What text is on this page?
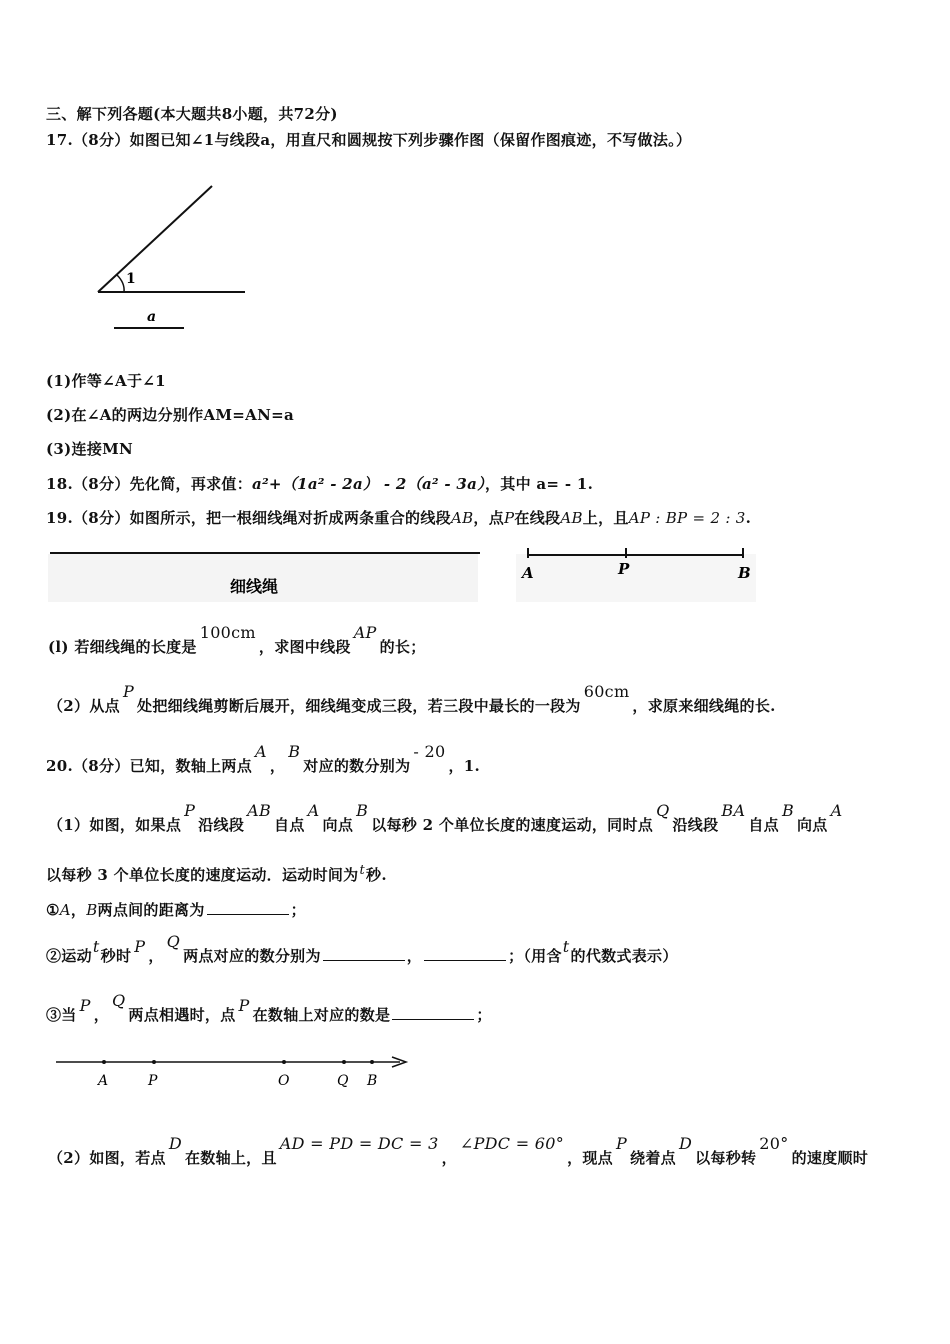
三、解下列各题(本大题共8小题，共72分)
17.（8分）如图已知∠1与线段a，用直尺和圆规按下列步骤作图（保留作图痕迹，不写做法。）
1
a
(1)作等∠A于∠1
(2)在∠A的两边分别作AM=AN=a
(3)连接MN
18.（8分）先化简，再求值：a²+（1a² - 2a） - 2（a² - 3a），其中 a= - 1.
19.（8分）如图所示，把一根细线绳对折成两条重合的线段AB，点P在线段AB上，且AP : BP = 2 : 3.
细线绳
A	P	B
(l) 若细线绳的长度是100cm，求图中线段AP的长；
（2）从点P处把细线绳剪断后展开，细线绳变成三段，若三段中最长的一段为60cm，求原来细线绳的长.
20.（8分）已知，数轴上两点A，B对应的数分别为- 20，1.
（1）如图，如果点P沿线段AB自点A向点B以每秒 2 个单位长度的速度运动，同时点Q沿线段BA自点B向点A
以每秒 3 个单位长度的速度运动．运动时间为t秒.
①A，B两点间的距离为	；
②运动t秒时 P ，Q两点对应的数分别为	，	；（用含t的代数式表示）
③当 P ，Q两点相遇时，点 P 在数轴上对应的数是	；
A	P	O	Q B
（2）如图，若点D在数轴上，且AD = PD = DC = 3，∠PDC = 60°，现点P绕着点D以每秒转20°的速度顺时
